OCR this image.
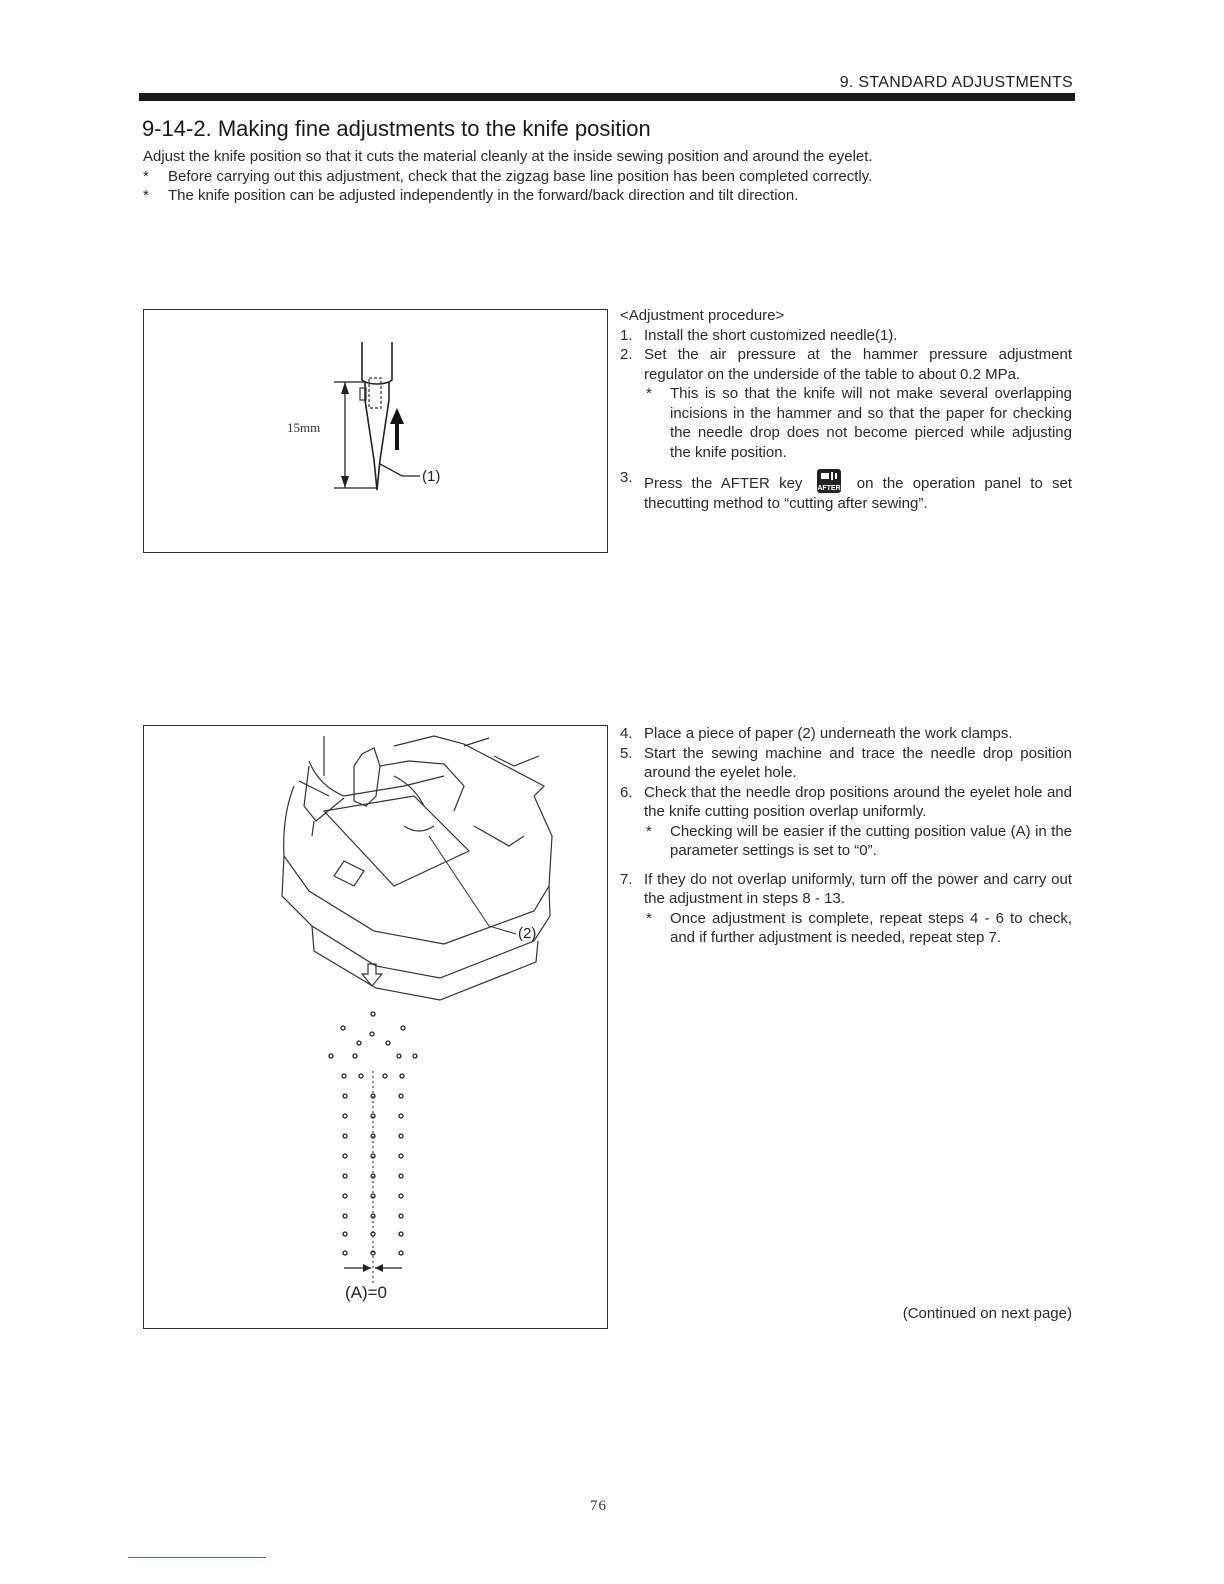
9. STANDARD ADJUSTMENTS
9-14-2. Making fine adjustments to the knife position
Adjust the knife position so that it cuts the material cleanly at the inside sewing position and around the eyelet.
*	Before carrying out this adjustment, check that the zigzag base line position has been completed correctly.
*	The knife position can be adjusted independently in the forward/back direction and tilt direction.
15mm
(1)
<Adjustment procedure>
1. Install the short customized needle(1).
2. Set the air pressure at the hammer pressure adjustment regulator on the underside of the table to about 0.2 MPa.
*	This is so that the knife will not make several overlapping incisions in the hammer and so that the paper for checking the needle drop does not become pierced while adjusting the knife position.
3. Press the AFTER key AFTER on the operation panel to set thecutting method to “cutting after sewing”.
(2)
(A)=0
4. Place a piece of paper (2) underneath the work clamps.
5. Start the sewing machine and trace the needle drop position around the eyelet hole.
6. Check that the needle drop positions around the eyelet hole and the knife cutting position overlap uniformly.
*	Checking will be easier if the cutting position value (A) in the parameter settings is set to “0”.
7. If they do not overlap uniformly, turn off the power and carry out the adjustment in steps 8 - 13.
*	Once adjustment is complete, repeat steps 4 - 6 to check, and if further adjustment is needed, repeat step 7.
(Continued on next page)
76
